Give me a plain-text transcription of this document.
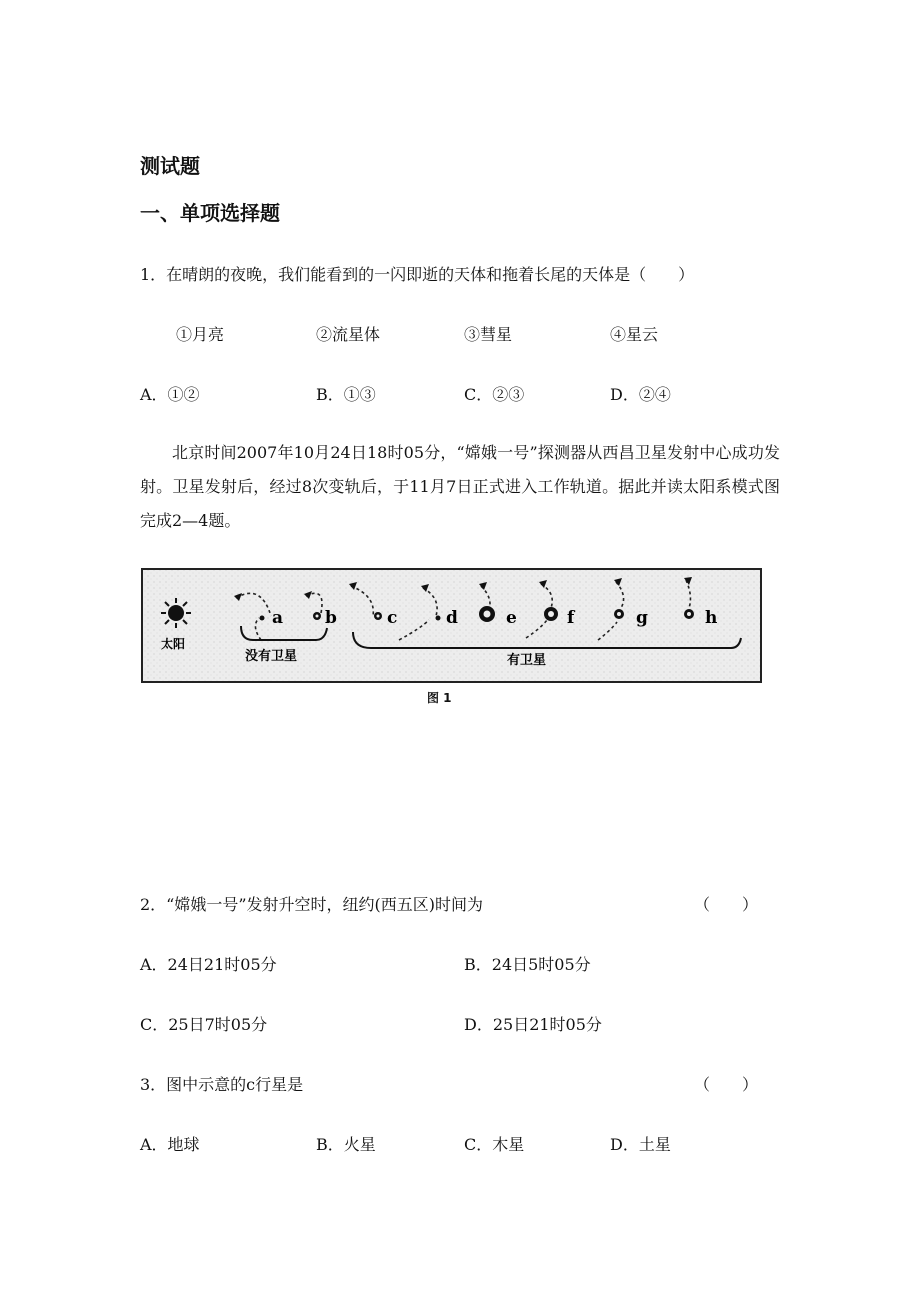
测试题
一、单项选择题
1．在晴朗的夜晚，我们能看到的一闪即逝的天体和拖着长尾的天体是（　　）
①月亮	②流星体	③彗星	④星云
A．①②	B．①③	C．②③	D．②④
北京时间2007年10月24日18时05分，“嫦娥一号”探测器从西昌卫星发射中心成功发射。卫星发射后，经过8次变轨后，于11月7日正式进入工作轨道。据此并读太阳系模式图完成2—4题。
太阳
a b	c	d	e	f	g	h
没有卫星	有卫星
图 1
2．“嫦娥一号”发射升空时，纽约(西五区)时间为	（　　）
A．24日21时05分	B．24日5时05分
C．25日7时05分	D．25日21时05分
3．图中示意的c行星是	（　　）
A．地球	B．火星	C．木星	D．土星
